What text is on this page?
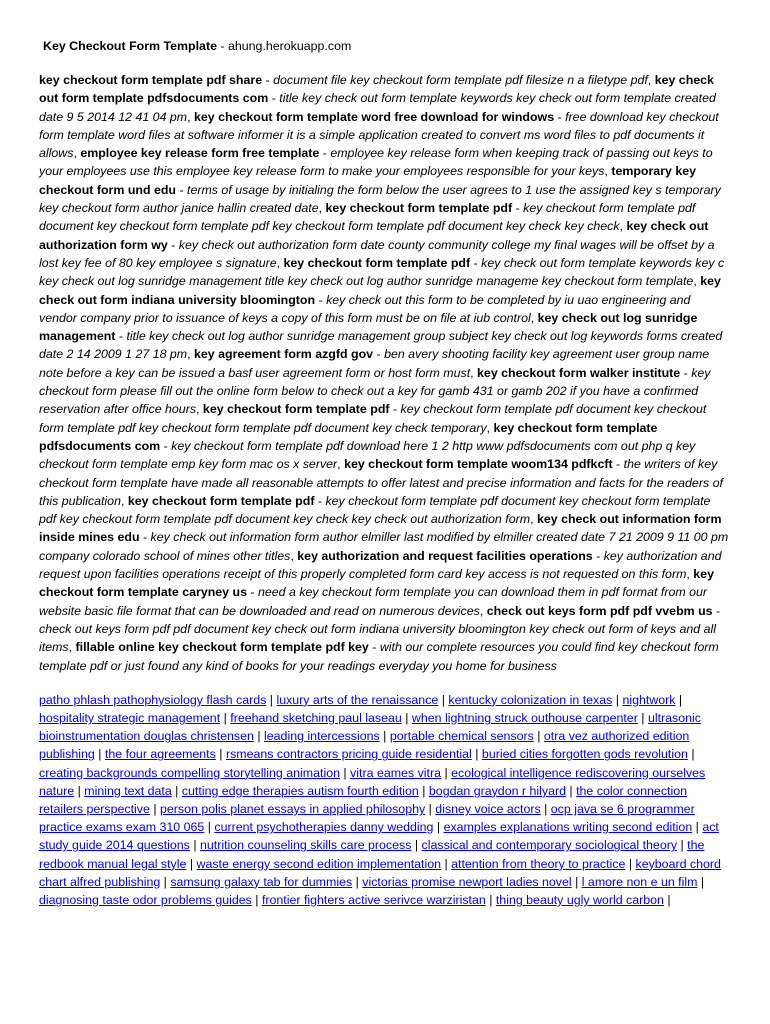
Key Checkout Form Template - ahung.herokuapp.com

key checkout form template pdf share - document file key checkout form template pdf filesize n a filetype pdf, key check out form template pdfsdocuments com - title key check out form template keywords key check out form template created date 9 5 2014 12 41 04 pm, key checkout form template word free download for windows - free download key checkout form template word files at software informer it is a simple application created to convert ms word files to pdf documents it allows, employee key release form free template - employee key release form when keeping track of passing out keys to your employees use this employee key release form to make your employees responsible for your keys, temporary key checkout form und edu - terms of usage by initialing the form below the user agrees to 1 use the assigned key s temporary key checkout form author janice hallin created date, key checkout form template pdf - key checkout form template pdf document key checkout form template pdf key checkout form template pdf document key check key check, key check out authorization form wy - key check out authorization form date county community college my final wages will be offset by a lost key fee of 80 key employee s signature, key checkout form template pdf - key check out form template keywords key c key check out log sunridge management title key check out log author sunridge manageme key checkout form template, key check out form indiana university bloomington - key check out this form to be completed by iu uao engineering and vendor company prior to issuance of keys a copy of this form must be on file at iub control, key check out log sunridge management - title key check out log author sunridge management group subject key check out log keywords forms created date 2 14 2009 1 27 18 pm, key agreement form azgfd gov - ben avery shooting facility key agreement user group name note before a key can be issued a basf user agreement form or host form must, key checkout form walker institute - key checkout form please fill out the online form below to check out a key for gamb 431 or gamb 202 if you have a confirmed reservation after office hours, key checkout form template pdf - key checkout form template pdf document key checkout form template pdf key checkout form template pdf document key check temporary, key checkout form template pdfsdocuments com - key checkout form template pdf download here 1 2 http www pdfsdocuments com out php q key checkout form template emp key form mac os x server, key checkout form template woom134 pdfkcft - the writers of key checkout form template have made all reasonable attempts to offer latest and precise information and facts for the readers of this publication, key checkout form template pdf - key checkout form template pdf document key checkout form template pdf key checkout form template pdf document key check key check out authorization form, key check out information form inside mines edu - key check out information form author elmiller last modified by elmiller created date 7 21 2009 9 11 00 pm company colorado school of mines other titles, key authorization and request facilities operations - key authorization and request upon facilities operations receipt of this properly completed form card key access is not requested on this form, key checkout form template caryney us - need a key checkout form template you can download them in pdf format from our website basic file format that can be downloaded and read on numerous devices, check out keys form pdf pdf vvebm us - check out keys form pdf pdf document key check out form indiana university bloomington key check out form of keys and all items, fillable online key checkout form template pdf key - with our complete resources you could find key checkout form template pdf or just found any kind of books for your readings everyday you home for business

patho phlash pathophysiology flash cards | luxury arts of the renaissance | kentucky colonization in texas | nightwork | hospitality strategic management | freehand sketching paul laseau | when lightning struck outhouse carpenter | ultrasonic bioinstrumentation douglas christensen | leading intercessions | portable chemical sensors | otra vez authorized edition publishing | the four agreements | rsmeans contractors pricing guide residential | buried cities forgotten gods revolution | creating backgrounds compelling storytelling animation | vitra eames vitra | ecological intelligence rediscovering ourselves nature | mining text data | cutting edge therapies autism fourth edition | bogdan graydon r hilyard | the color connection retailers perspective | person polis planet essays in applied philosophy | disney voice actors | ocp java se 6 programmer practice exams exam 310 065 | current psychotherapies danny wedding | examples explanations writing second edition | act study guide 2014 questions | nutrition counseling skills care process | classical and contemporary sociological theory | the redbook manual legal style | waste energy second edition implementation | attention from theory to practice | keyboard chord chart alfred publishing | samsung galaxy tab for dummies | victorias promise newport ladies novel | l amore non e un film | diagnosing taste odor problems guides | frontier fighters active serivce warziristan | thing beauty ugly world carbon |
